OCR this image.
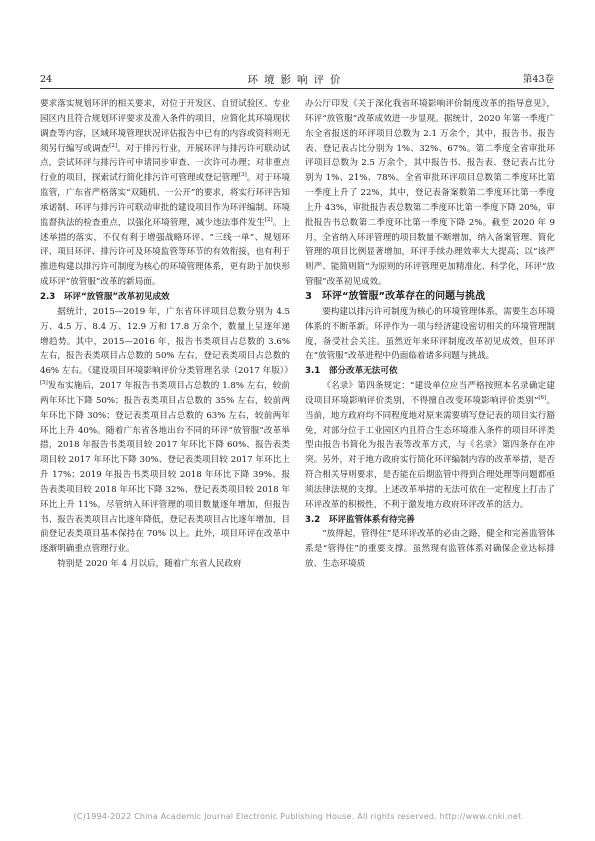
24	环境影响评价	第43卷

要求落实规划环评的相关要求，对位于开发区、自贸试验区、专业园区内且符合规划环评要求及准入条件的项目，应简化其环境现状调查等内容，区域环境管理状况评估报告中已有的内容或资料则无须另行编写或调查[2]。对于排污行业，开展环评与排污许可联动试点，尝试环评与排污许可申请同步审查、一次许可办理；对非重点行业的项目，探索试行简化排污许可管理或登记管理[3]。对于环境监管，广东省严格落实“双随机、一公开”的要求，将实行环评告知承诺制、环评与排污许可联动审批的建设项目作为环评编制、环境监督执法的检查重点，以强化环境管理，减少违法事件发生[2]。上述举措的落实，不仅有利于增强战略环评、“三线一单”、规划环评、项目环评、排污许可及环境监管等环节的有效衔接，也有利于推进构建以排污许可制度为核心的环境管理体系，更有助于加快形成环评“放管服”改革的新局面。

2.3　环评“放管服”改革初见成效

据统计，2015—2019 年，广东省环评项目总数分别为 4.5 万、4.5 万、8.4 万、12.9 万和 17.8 万余个，数量上呈逐年递增趋势。其中，2015—2016 年，报告书类项目占总数的 3.6% 左右，报告表类项目占总数的 50% 左右，登记表类项目占总数的 46% 左右。《建设项目环境影响评价分类管理名录（2017 年版）》[5]发布实施后，2017 年报告书类项目占总数的 1.8% 左右，较前两年环比下降 50%；报告表类项目占总数的 35% 左右，较前两年环比下降 30%；登记表类项目占总数的 63% 左右，较前两年环比上升 40%。随着广东省各地出台不同的环评“放管服”改革举措，2018 年报告书类项目较 2017 年环比下降 60%、报告表类项目较 2017 年环比下降 30%、登记表类项目较 2017 年环比上升 17%；2019 年报告书类项目较 2018 年环比下降 39%、报告表类项目较 2018 年环比下降 32%、登记表类项目较 2018 年环比上升 11%。尽管纳入环评管理的项目数量逐年增加，但报告书、报告表类项目占比逐年降低，登记表类项目占比逐年增加，目前登记表类项目基本保持在 70% 以上。此外，项目环评在改革中逐渐明确重点管理行业。

特别是 2020 年 4 月以后，随着广东省人民政府

办公厅印发《关于深化我省环境影响评价制度改革的指导意见》，环评“放管服”改革成效进一步显现。据统计，2020 年第一季度广东全省报送的环评项目总数为 2.1 万余个，其中，报告书、报告表、登记表占比分别为 1%、32%、67%。第二季度全省审批环评项目总数为 2.5 万余个，其中报告书、报告表、登记表占比分别为 1%、21%、78%。全省审批环评项目总数第二季度环比第一季度上升了 22%，其中，登记表备案数第二季度环比第一季度上升 43%，审批报告表总数第二季度环比第一季度下降 20%，审批报告书总数第二季度环比第一季度下降 2%。截至 2020 年 9 月，全省纳入环评管理的项目数量不断增加，纳入备案管理、简化管理的项目比例显著增加，环评手续办理效率大大提高；以“该严则严、能简则简”为原则的环评管理更加精准化、科学化，环评“放管服”改革初见成效。

3　环评“放管服”改革存在的问题与挑战

要构建以排污许可制度为核心的环境管理体系，需要生态环境体系的不断革新。环评作为一项与经济建设密切相关的环境管理制度，备受社会关注。虽然近年来环评制度改革初见成效，但环评在“放管服”改革进程中仍面临着诸多问题与挑战。

3.1　部分改革无法可依

《名录》第四条规定：“建设单位应当严格按照本名录确定建设项目环境影响评价类别，不得擅自改变环境影响评价类别”[6]。当前，地方政府均不同程度地对原来需要填写登记表的项目实行豁免，对部分位于工业园区内且符合生态环境准入条件的项目环评类型由报告书简化为报告表等改革方式，与《名录》第四条存在冲突。另外，对于地方政府实行简化环评编制内容的改革举措，是否符合相关导则要求，是否能在后期监管中得到合理处理等问题都亟须法律法规的支撑。上述改革举措的无法可依在一定程度上打击了环评改革的积极性，不利于激发地方政府环评改革的活力。

3.2　环评监管体系有待完善

“放得起，管得住”是环评改革的必由之路，健全和完善监管体系是“管得住”的重要支撑。虽然现有监管体系对确保企业达标排放、生态环境质

(C)1994-2022 China Academic Journal Electronic Publishing House. All rights reserved. http://www.cnki.net
